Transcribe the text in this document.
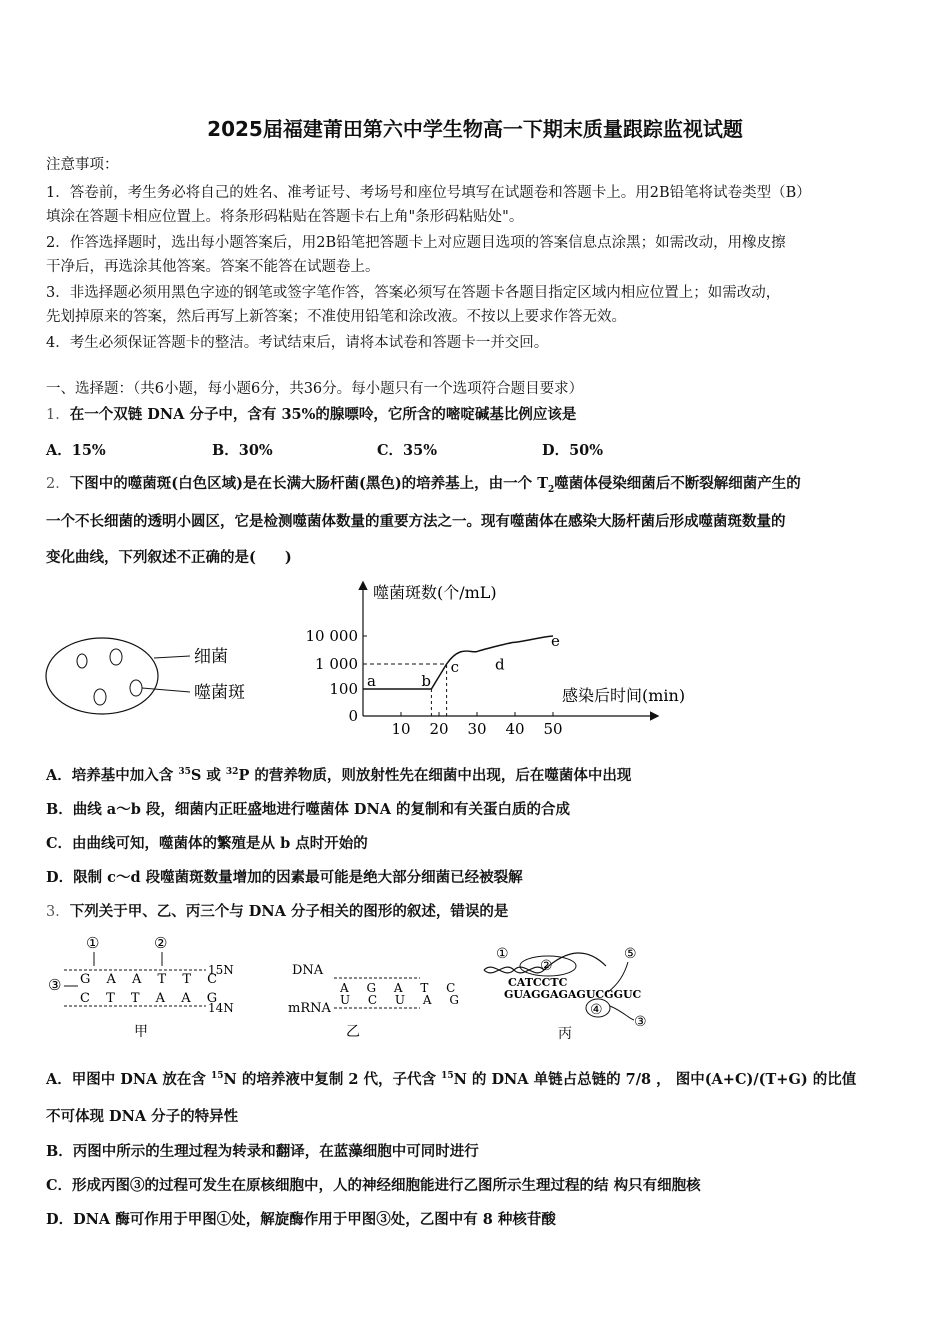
2025届福建莆田第六中学生物高一下期末质量跟踪监视试题
注意事项：
1．答卷前，考生务必将自己的姓名、准考证号、考场号和座位号填写在试题卷和答题卡上。用2B铅笔将试卷类型（B）
填涂在答题卡相应位置上。将条形码粘贴在答题卡右上角"条形码粘贴处"。
2．作答选择题时，选出每小题答案后，用2B铅笔把答题卡上对应题目选项的答案信息点涂黑；如需改动，用橡皮擦
干净后，再选涂其他答案。答案不能答在试题卷上。
3．非选择题必须用黑色字迹的钢笔或签字笔作答，答案必须写在答题卡各题目指定区域内相应位置上；如需改动，
先划掉原来的答案，然后再写上新答案；不准使用铅笔和涂改液。不按以上要求作答无效。
4．考生必须保证答题卡的整洁。考试结束后，请将本试卷和答题卡一并交回。
一、选择题：（共6小题，每小题6分，共36分。每小题只有一个选项符合题目要求）
1．在一个双链 DNA 分子中，含有 35%的腺嘌呤，它所含的嘧啶碱基比例应该是
A．15%	B．30%	C．35%	D．50%
2．下图中的噬菌斑(白色区域)是在长满大肠杆菌(黑色)的培养基上，由一个 $T_2$噬菌体侵染细菌后不断裂解细菌产生的
一个不长细菌的透明小圆区，它是检测噬菌体数量的重要方法之一。现有噬菌体在感染大肠杆菌后形成噬菌斑数量的
变化曲线，下列叙述不正确的是(　　)
细菌
噬菌斑
噬菌斑数(个/mL)
感染后时间(min)
0
100
1 000
10 000
10 20 30 40 50
a	b
c d
e
A．培养基中加入含 $^{35}$S 或 $^{32}$P 的营养物质，则放射性先在细菌中出现，后在噬菌体中出现
B．曲线 a～b 段，细菌内正旺盛地进行噬菌体 DNA 的复制和有关蛋白质的合成
C．由曲线可知，噬菌体的繁殖是从 b 点时开始的
D．限制 c～d 段噬菌斑数量增加的因素最可能是绝大部分细菌已经被裂解
3．下列关于甲、乙、丙三个与 DNA 分子相关的图形的叙述，错误的是
①	②
③ G A A T T C
C T T A A G
15N
14N
甲
DNA
mRNA
A G A T C
U C U A G
乙
①
②
⑤
CATCCTC
GUAGGAGAGUCGGUC
④
③
丙
A．甲图中 DNA 放在含 $^{15}$N 的培养液中复制 2 代，子代含 $^{15}$N 的 DNA 单链占总链的 7/8 ， 图中(A+C)/(T+G) 的比值
不可体现 DNA 分子的特异性
B．丙图中所示的生理过程为转录和翻译，在蓝藻细胞中可同时进行
C．形成丙图③的过程可发生在原核细胞中，人的神经细胞能进行乙图所示生理过程的结 构只有细胞核
D．DNA 酶可作用于甲图①处，解旋酶作用于甲图③处，乙图中有 8 种核苷酸
